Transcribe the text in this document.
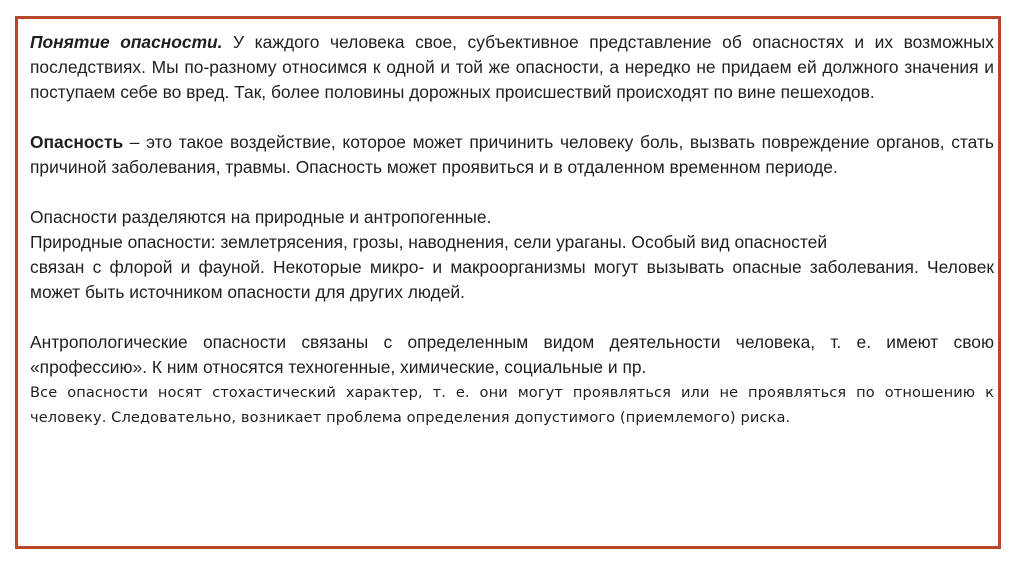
Понятие опасности. У каждого человека свое, субъективное представление об опасностях и их возможных последствиях. Мы по-разному относимся к одной и той же опасности, а нередко не придаем ей должного значения и поступаем себе во вред. Так, более половины дорожных происшествий происходят по вине пешеходов.

Опасность – это такое воздействие, которое может причинить человеку боль, вызвать повреждение органов, стать причиной заболевания, травмы. Опасность может проявиться и в отдаленном временном периоде.

Опасности разделяются на природные и антропогенные.

Природные опасности: землетрясения, грозы, наводнения, сели ураганы. Особый вид опасностей

связан с флорой и фауной. Некоторые микро- и макроорганизмы могут вызывать опасные заболевания. Человек может быть источником опасности для других людей.

Антропологические опасности связаны с определенным видом деятельности человека, т. е. имеют свою «профессию». К ним относятся техногенные, химические, социальные и пр.

Все опасности носят стохастический характер, т. е. они могут проявляться или не проявляться по отношению к человеку. Следовательно, возникает проблема определения допустимого (приемлемого) риска.
